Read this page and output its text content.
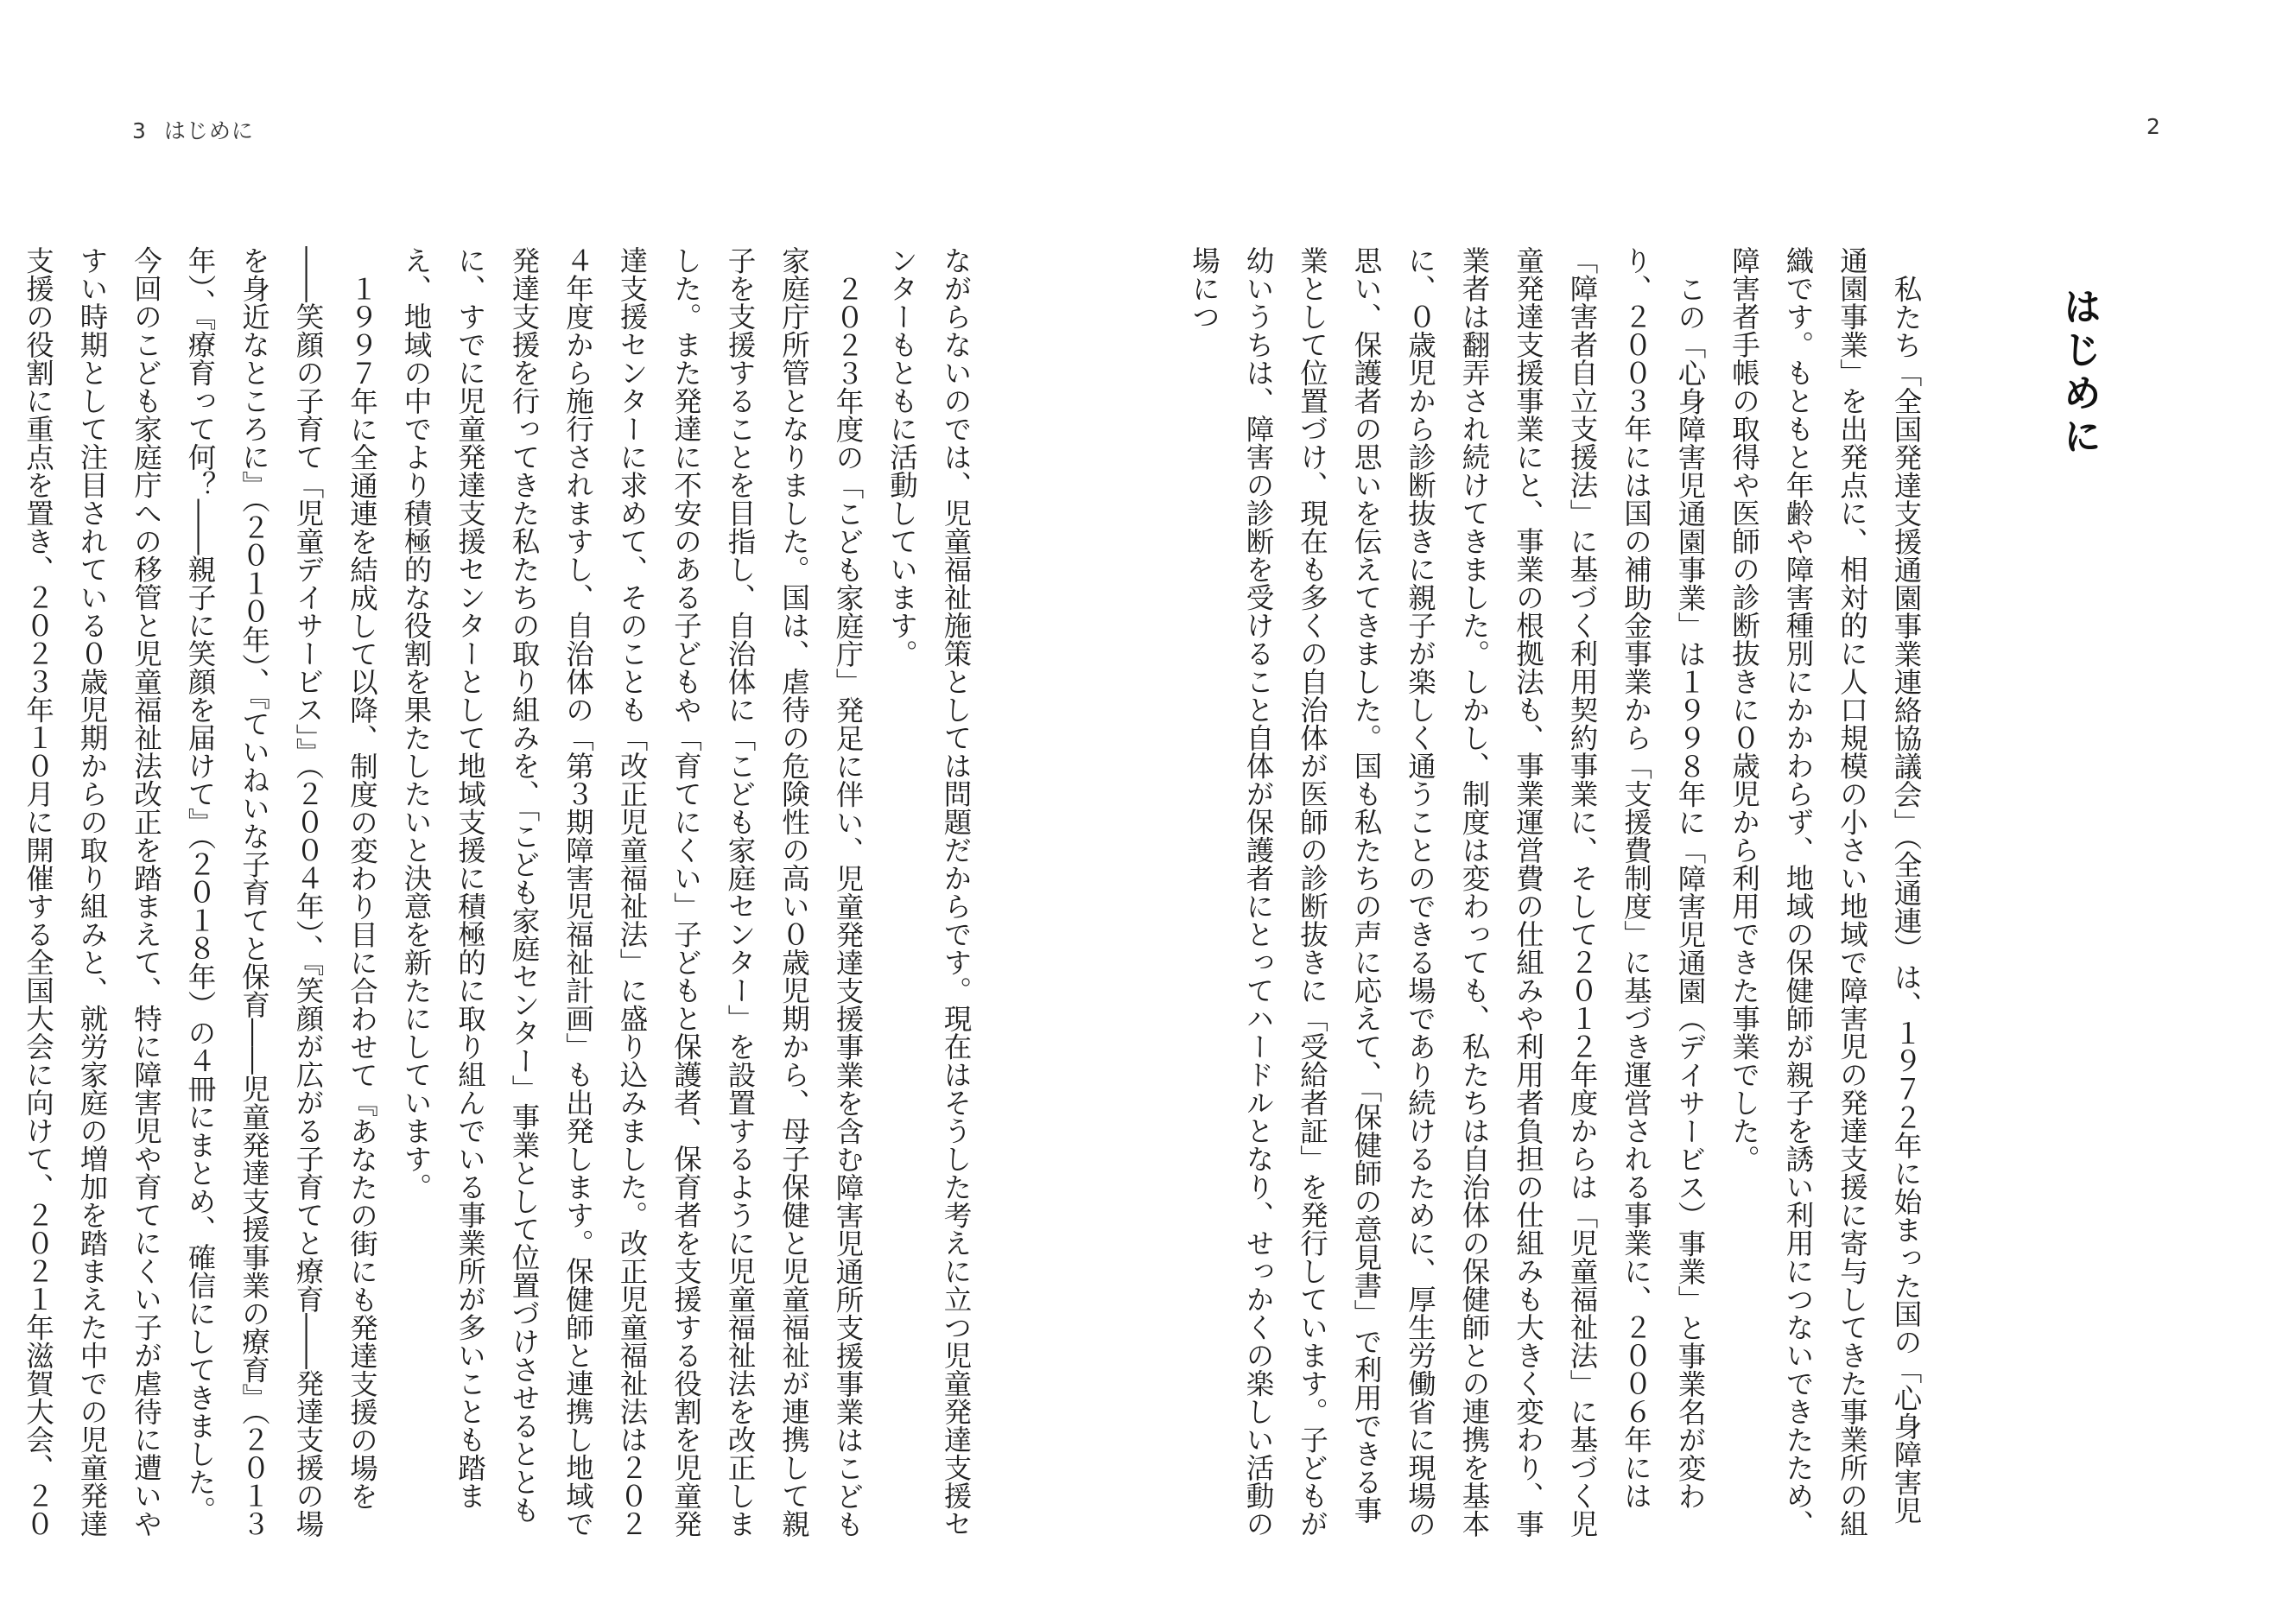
3 はじめに	2
はじめに

私たち「全国発達支援通園事業連絡協議会」（全通連）は、１９７２年に始まった国の「心身障害児通園事業」を出発点に、相対的に人口規模の小さい地域で障害児の発達支援に寄与してきた事業所の組織です。もともと年齢や障害種別にかかわらず、地域の保健師が親子を誘い利用につないできたため、障害者手帳の取得や医師の診断抜きに０歳児から利用できた事業でした。

この「心身障害児通園事業」は１９９８年に「障害児通園（デイサービス）事業」と事業名が変わり、２００３年には国の補助金事業から「支援費制度」に基づき運営される事業に、２００６年には「障害者自立支援法」に基づく利用契約事業に、そして２０１２年度からは「児童福祉法」に基づく児童発達支援事業にと、事業の根拠法も、事業運営費の仕組みや利用者負担の仕組みも大きく変わり、事業者は翻弄され続けてきました。しかし、制度は変わっても、私たちは自治体の保健師との連携を基本に、０歳児から診断抜きに親子が楽しく通うことのできる場であり続けるために、厚生労働省に現場の思い、保護者の思いを伝えてきました。国も私たちの声に応えて、「保健師の意見書」で利用できる事業として位置づけ、現在も多くの自治体が医師の診断抜きに「受給者証」を発行しています。子どもが幼いうちは、障害の診断を受けること自体が保護者にとってハードルとなり、せっかくの楽しい活動の場につ

ながらないのでは、児童福祉施策としては問題だからです。現在はそうした考えに立つ児童発達支援センターもともに活動しています。

２０２３年度の「こども家庭庁」発足に伴い、児童発達支援事業を含む障害児通所支援事業はこども家庭庁所管となりました。国は、虐待の危険性の高い０歳児期から、母子保健と児童福祉が連携して親子を支援することを目指し、自治体に「こども家庭センター」を設置するように児童福祉法を改正しました。また発達に不安のある子どもや「育てにくい」子どもと保護者、保育者を支援する役割を児童発達支援センターに求めて、そのことも「改正児童福祉法」に盛り込みました。改正児童福祉法は２０２４年度から施行されますし、自治体の「第３期障害児福祉計画」も出発します。保健師と連携し地域で発達支援を行ってきた私たちの取り組みを、「こども家庭センター」事業として位置づけさせるとともに、すでに児童発達支援センターとして地域支援に積極的に取り組んでいる事業所が多いことも踏まえ、地域の中でより積極的な役割を果たしたいと決意を新たにしています。

１９９７年に全通連を結成して以降、制度の変わり目に合わせて『あなたの街にも発達支援の場を――笑顔の子育て「児童デイサービス」』（２００４年）、『笑顔が広がる子育てと療育――発達支援の場を身近なところに』（２０１０年）、『ていねいな子育てと保育――児童発達支援事業の療育』（２０１３年）、『療育って何？――親子に笑顔を届けて』（２０１８年）の４冊にまとめ、確信にしてきました。今回のこども家庭庁への移管と児童福祉法改正を踏まえて、特に障害児や育てにくい子が虐待に遭いやすい時期として注目されている０歳児期からの取り組みと、就労家庭の増加を踏まえた中での児童発達支援の役割に重点を置き、２０２３年１０月に開催する全国大会に向けて、２０２１年滋賀大会、２０
